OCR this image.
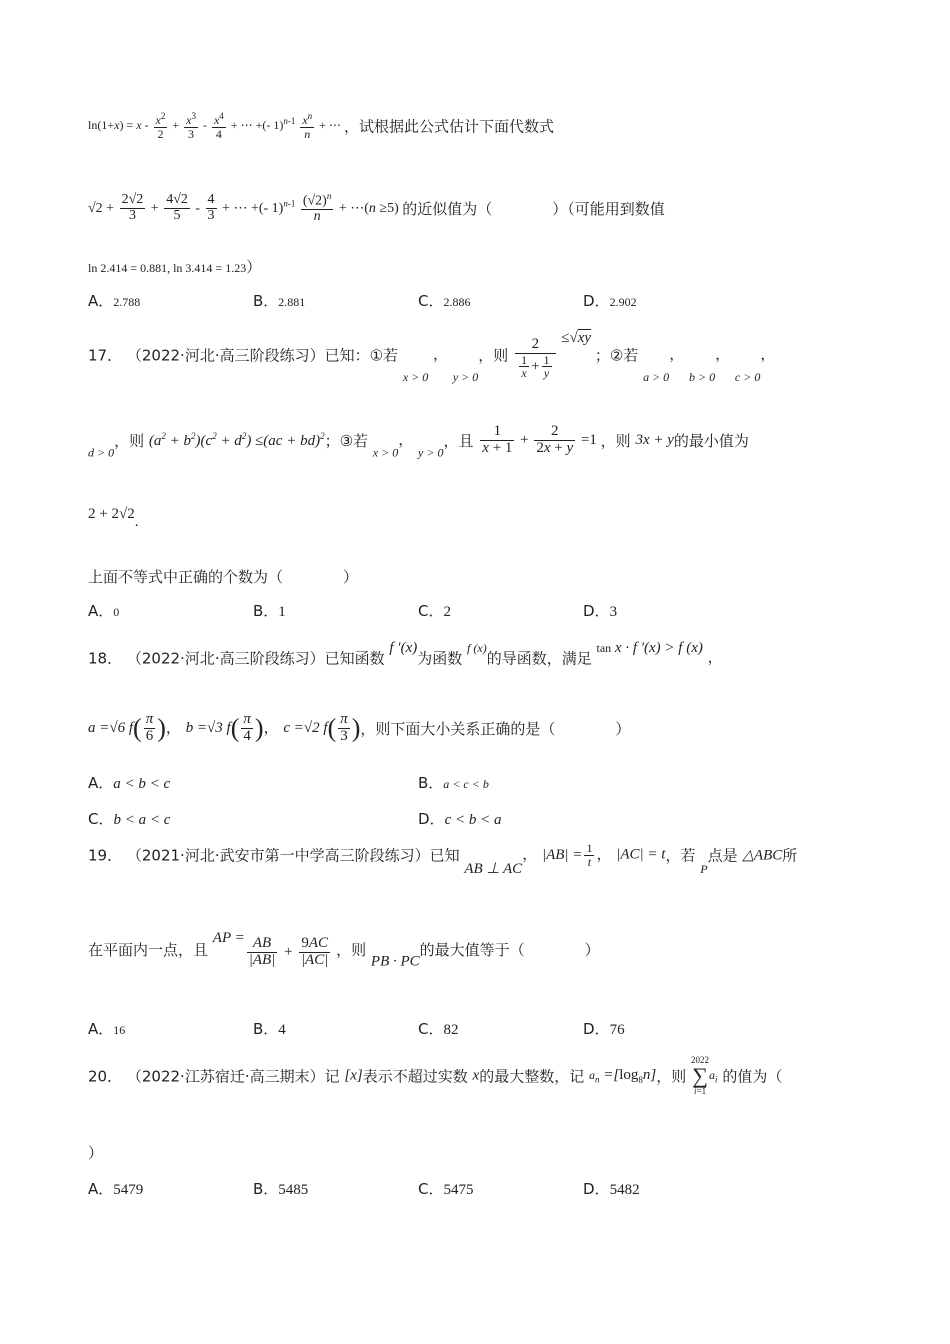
$\ln(1+x) = x - \frac{x^2}{2} + \frac{x^3}{3} - \frac{x^4}{4}$ + ⋯ +(- $1)^{n-1} \frac{x^n}{n}$ + ⋯ ，试根据此公式估计下面代数式
$√2 + \frac{2√2}{3} + \frac{4√2}{5} - \frac{4}{3}$ + ⋯ +(- $1)^{n-1} \frac{(√2)^n}{n}$ + ⋯(n ≥5) 的近似值为（　　　　）（可能用到数值
ln 2.414 = 0.881, ln 3.414 = 1.23）
A．2.788	B．2.881	C．2.886	D．2.902
17． （2022·河北·高三阶段练习）已知：①若 $_{x > 0}$ ， $_{y > 0}$，则 $\frac{2}{\frac{1}{x} + \frac{1}{y}} \le√xy$ ；②若 $_{a > 0}$， $_{b > 0}$， $_{c > 0}$，
$_{d > 0}$，则 $(a^2 + b^2)(c^2 + d^2) \le(ac + bd)^2$；③若 $_{x > 0}$， $_{y > 0}$，且 $\frac{1}{x + 1} + \frac{2}{2x + y} =1$ ，则 3x + y的最小值为
2 + 2√2.
上面不等式中正确的个数为（　　　　）
A．0	B．1	C．2	D．3
18． （2022·河北·高三阶段练习）已知函数 f ′(x)为函数 $^{f (x)}$的导函数，满足 tan x · f ′(x) > f (x) ，
a =√6 $f( \frac{\pi}{6}$ )， b =√3 $f( \frac{\pi}{4}$ )， c =√2 $f( \frac{\pi}{3}$ )，则下面大小关系正确的是（　　　　）
A．a < b < c	B．a < c < b
C．b < a < c	D．c < b < a
19． （2021·河北·武安市第一中学高三阶段练习）已知 AB ⊥ AC， $|AB| = \frac{1}{t}$ ， |AC| = t，若 $_P$点是 △ABC所
在平面内一点，且 AP = $\frac{AB}{|AB|} + \frac{9AC}{|AC|}$ ，则 PB · PC的最大值等于（　　　　）
A．16	B．4	C．82	D．76
20． （2022·江苏宿迁·高三期末）记 [x]表示不超过实数 x的最大整数，记 $a_n =[\log_8n]$，则
2022
∑
i=1
$a_i$ 的值为（
）
A．5479	B．5485	C．5475	D．5482
